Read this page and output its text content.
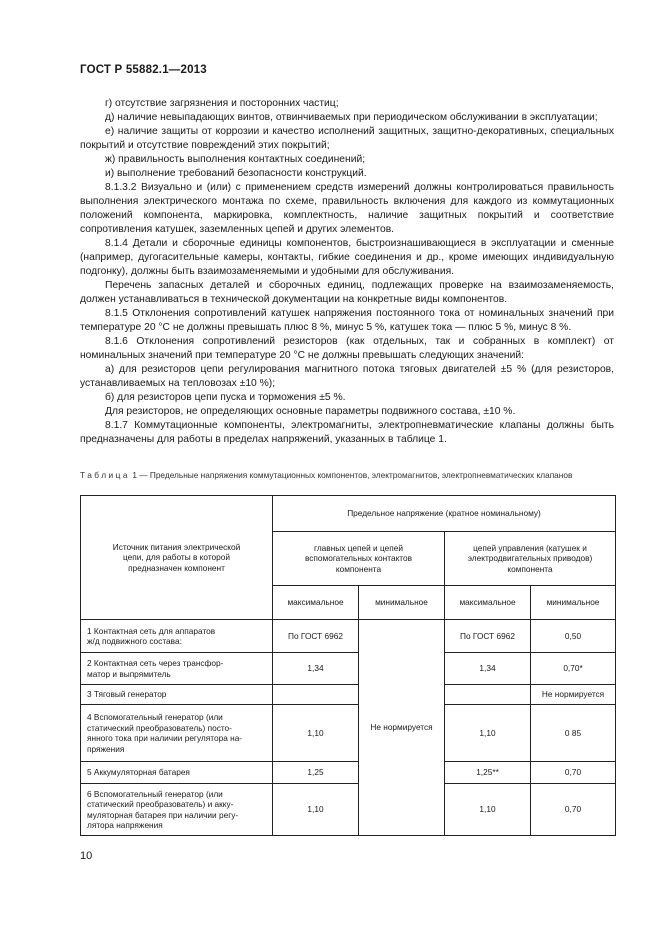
ГОСТ Р 55882.1—2013

г) отсутствие загрязнения и посторонних частиц;

д) наличие невыпадающих винтов, отвинчиваемых при периодическом обслуживании в эксплуатации;

е) наличие защиты от коррозии и качество исполнений защитных, защитно-декоративных, специальных покрытий и отсутствие повреждений этих покрытий;

ж) правильность выполнения контактных соединений;

и) выполнение требований безопасности конструкций.

8.1.3.2 Визуально и (или) с применением средств измерений должны контролироваться правильность выполнения электрического монтажа по схеме, правильность включения для каждого из коммутационных положений компонента, маркировка, комплектность, наличие защитных покрытий и соответствие сопротивления катушек, заземленных цепей и других элементов.

8.1.4 Детали и сборочные единицы компонентов, быстроизнашивающиеся в эксплуатации и сменные (например, дугогасительные камеры, контакты, гибкие соединения и др., кроме имеющих индивидуальную подгонку), должны быть взаимозаменяемыми и удобными для обслуживания.

Перечень запасных деталей и сборочных единиц, подлежащих проверке на взаимозаменяемость, должен устанавливаться в технической документации на конкретные виды компонентов.

8.1.5 Отклонения сопротивлений катушек напряжения постоянного тока от номинальных значений при температуре 20 °C не должны превышать плюс 8 %, минус 5 %, катушек тока — плюс 5 %, минус 8 %.

8.1.6 Отклонения сопротивлений резисторов (как отдельных, так и собранных в комплект) от номинальных значений при температуре 20 °C не должны превышать следующих значений:

а) для резисторов цепи регулирования магнитного потока тяговых двигателей ±5 % (для резисторов, устанавливаемых на тепловозах ±10 %);

б) для резисторов цепи пуска и торможения ±5 %.

Для резисторов, не определяющих основные параметры подвижного состава, ±10 %.

8.1.7 Коммутационные компоненты, электромагниты, электропневматические клапаны должны быть предназначены для работы в пределах напряжений, указанных в таблице 1.

Таблица 1 — Предельные напряжения коммутационных компонентов, электромагнитов, электропневматических клапанов
Источник питания электрической цепи, для работы в которой предназначен компонент	Предельное напряжение (кратное номинальному)			
	главных цепей и цепей вспомогательных контактов компонента		цепей управления (катушек и электродвигательных приводов) компонента	
	максимальное	минимальное	максимальное	минимальное

1 Контактная сеть для аппаратов
ж/д подвижного состава:	По ГОСТ 6962	Не нормируется	По ГОСТ 6962	0,50

2 Контактная сеть через трансфор-
матор и выпрямитель	1,34		1,34	0,70*

3 Тяговый генератор				Не нормируется

4 Вспомогательный генератор (или
статический преобразователь) посто-
янного тока при наличии регулятора на-
пряжения	1,10		1,10	0 85

5 Аккумуляторная батарея	1,25		1,25**	0,70

6 Вспомогательный генератор (или
статический преобразователь) и акку-
муляторная батарея при наличии регу-
лятора напряжения	1,10		1,10	0,70
10
